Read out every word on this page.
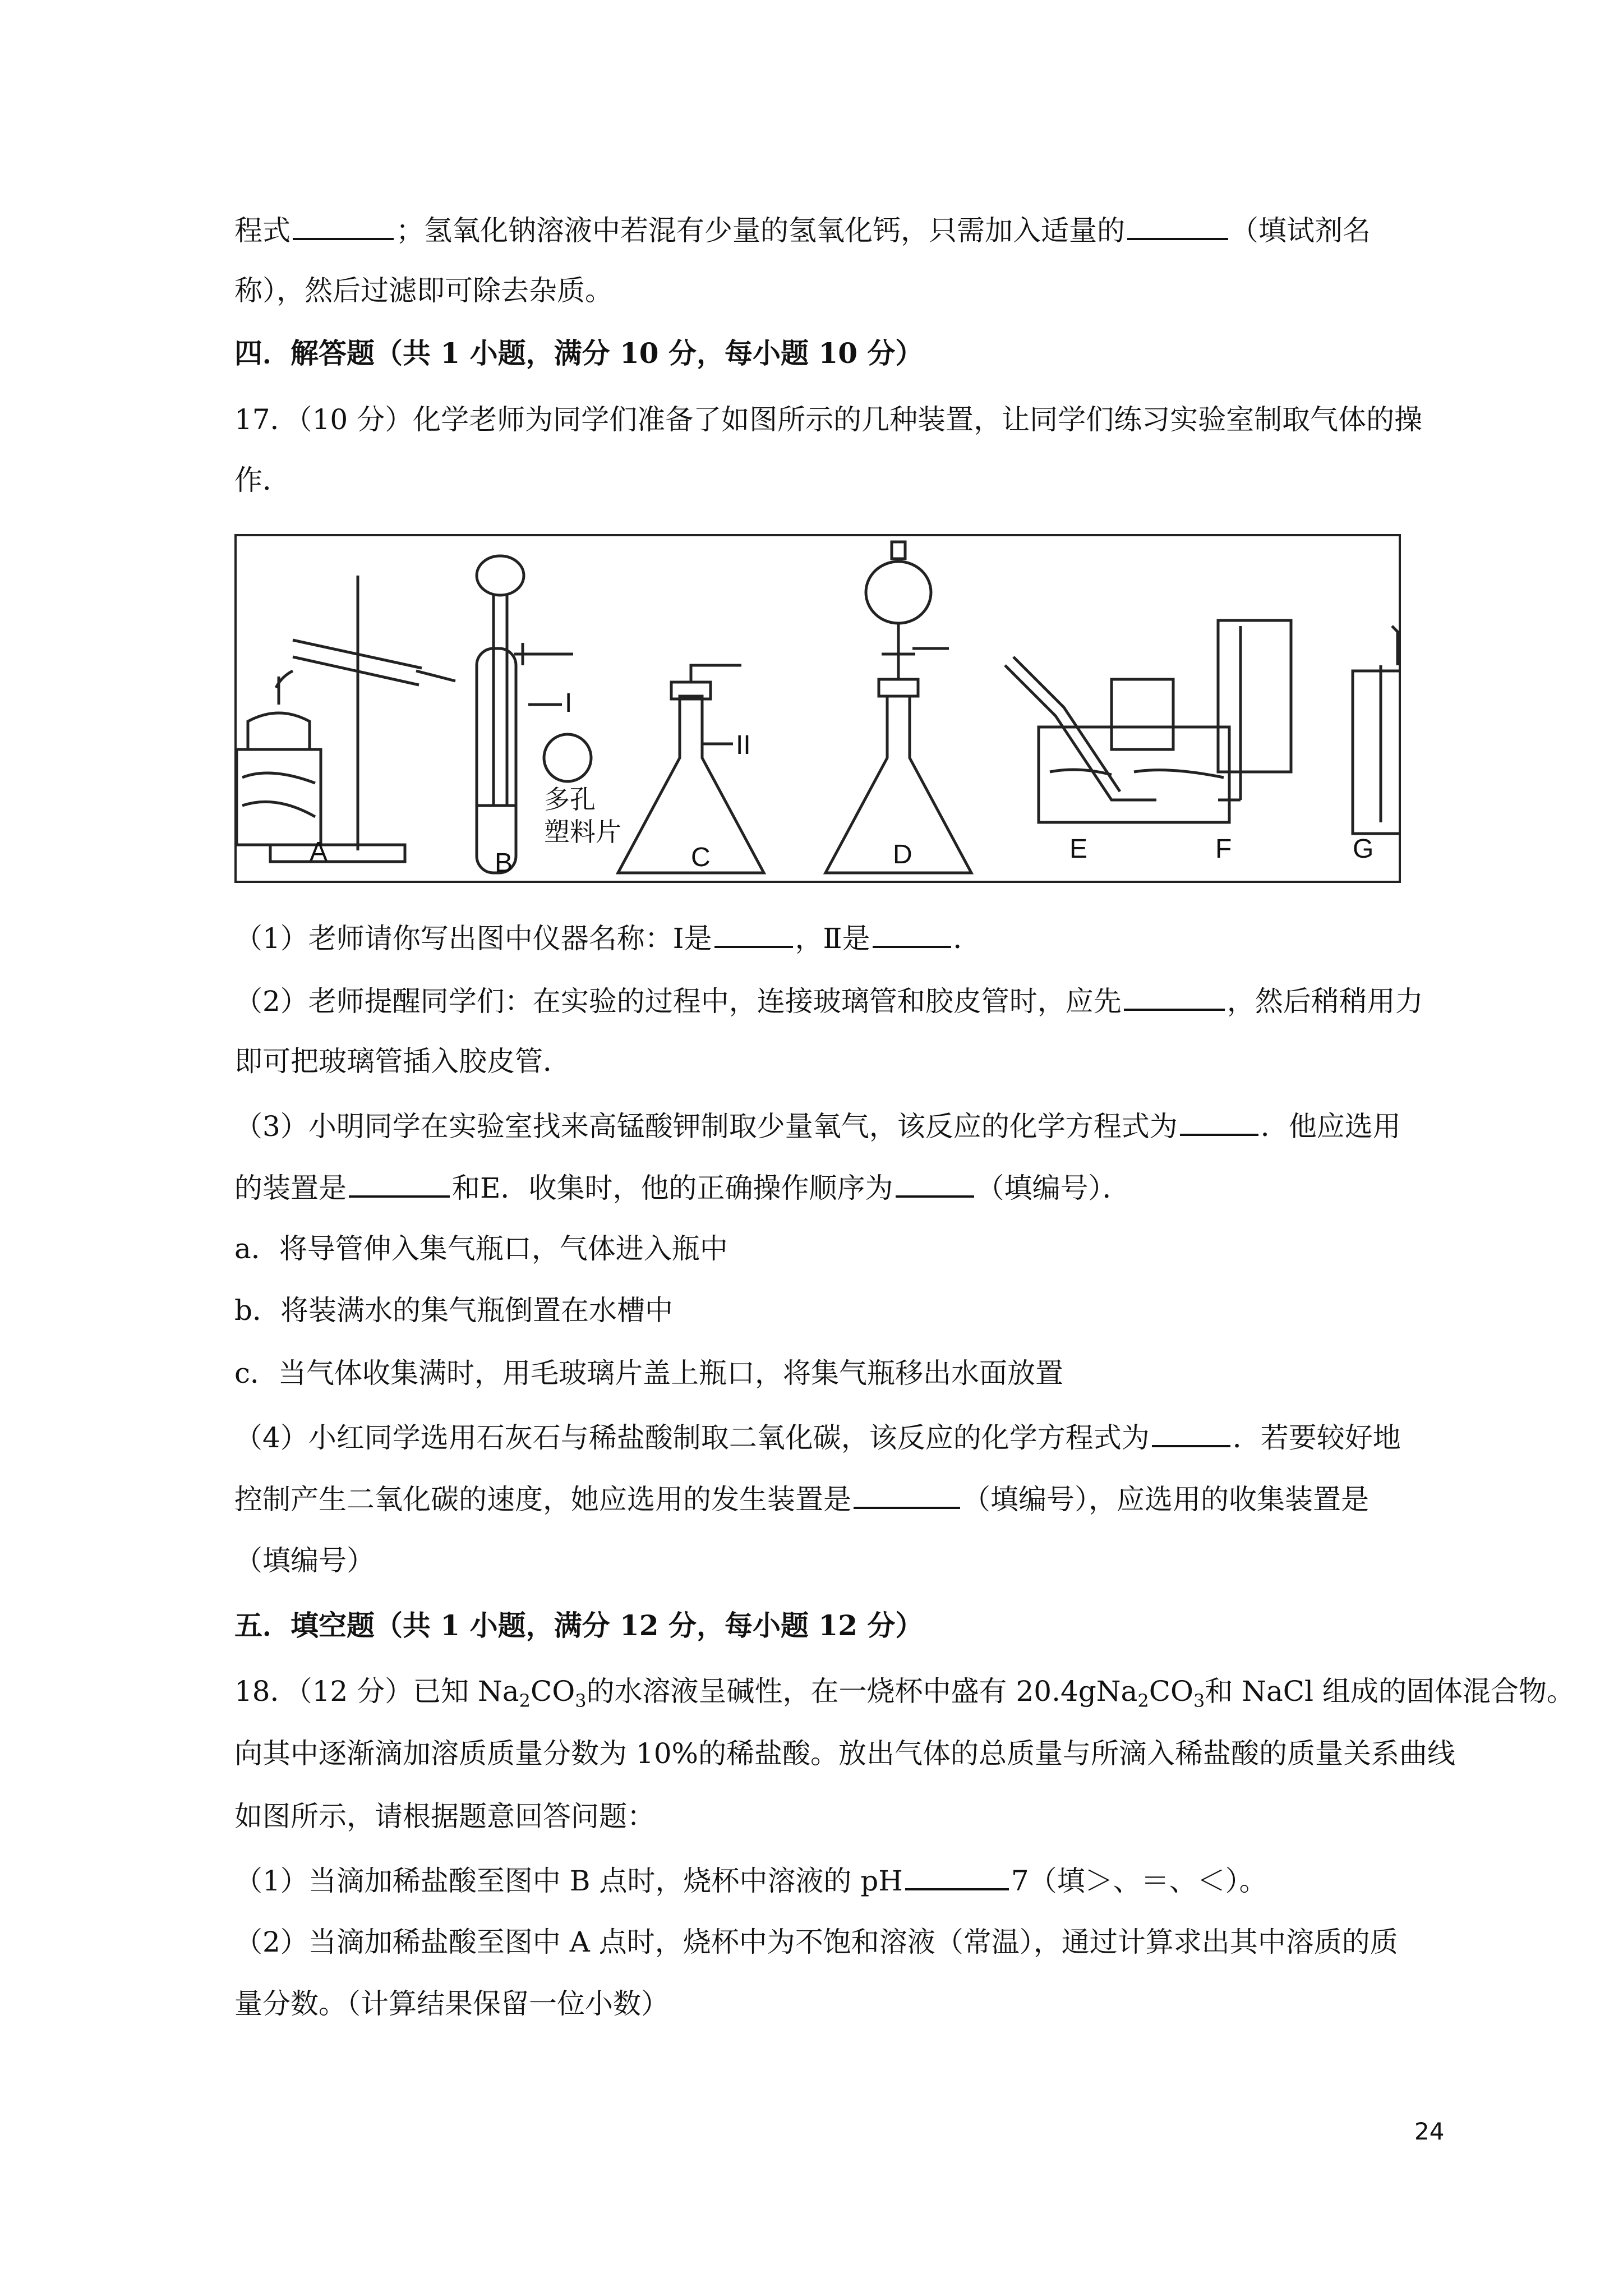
程式	；氢氧化钠溶液中若混有少量的氢氧化钙，只需加入适量的	（填试剂名
称），然后过滤即可除去杂质。
四．解答题（共 1 小题，满分 10 分，每小题 10 分）
17．（10 分）化学老师为同学们准备了如图所示的几种装置，让同学们练习实验室制取气体的操
作．
A	B	C	D	E	F	G
I
II
多孔
塑料片
（1）老师请你写出图中仪器名称：Ⅰ是	，Ⅱ是	．
（2）老师提醒同学们：在实验的过程中，连接玻璃管和胶皮管时，应先	，然后稍稍用力
即可把玻璃管插入胶皮管．
（3）小明同学在实验室找来高锰酸钾制取少量氧气，该反应的化学方程式为	．他应选用
的装置是	和E．收集时，他的正确操作顺序为	（填编号）．
a．将导管伸入集气瓶口，气体进入瓶中
b．将装满水的集气瓶倒置在水槽中
c．当气体收集满时，用毛玻璃片盖上瓶口，将集气瓶移出水面放置
（4）小红同学选用石灰石与稀盐酸制取二氧化碳，该反应的化学方程式为	．若要较好地
控制产生二氧化碳的速度，她应选用的发生装置是	（填编号），应选用的收集装置是
（填编号）
五．填空题（共 1 小题，满分 12 分，每小题 12 分）
18．（12 分）已知 $Na_2CO_3$的水溶液呈碱性，在一烧杯中盛有 $20.4gNa_2CO_3$和 NaCl 组成的固体混合物。
向其中逐渐滴加溶质质量分数为 10%的稀盐酸。放出气体的总质量与所滴入稀盐酸的质量关系曲线
如图所示，请根据题意回答问题：
（1）当滴加稀盐酸至图中 B 点时，烧杯中溶液的 pH	7（填＞、＝、＜）。
（2）当滴加稀盐酸至图中 A 点时，烧杯中为不饱和溶液（常温），通过计算求出其中溶质的质
量分数。（计算结果保留一位小数）
24
